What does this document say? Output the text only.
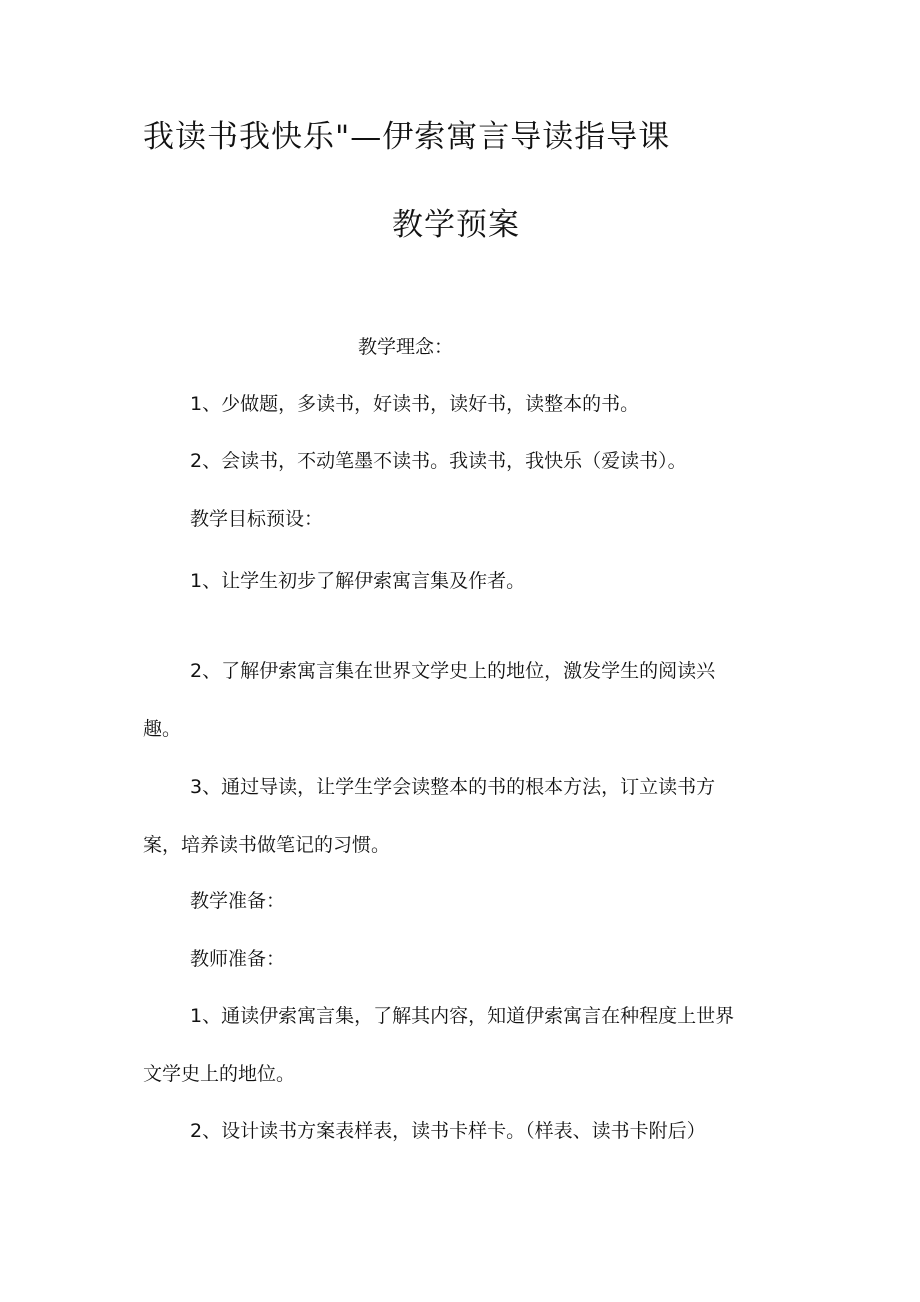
我读书我快乐"—伊索寓言导读指导课
教学预案
教学理念：
1、少做题，多读书，好读书，读好书，读整本的书。
2、会读书，不动笔墨不读书。我读书，我快乐（爱读书）。
教学目标预设：
1、让学生初步了解伊索寓言集及作者。
2、了解伊索寓言集在世界文学史上的地位，激发学生的阅读兴
趣。
3、通过导读，让学生学会读整本的书的根本方法，订立读书方
案，培养读书做笔记的习惯。
教学准备：
教师准备：
1、通读伊索寓言集，了解其内容，知道伊索寓言在种程度上世界
文学史上的地位。
2、设计读书方案表样表，读书卡样卡。（样表、读书卡附后）
